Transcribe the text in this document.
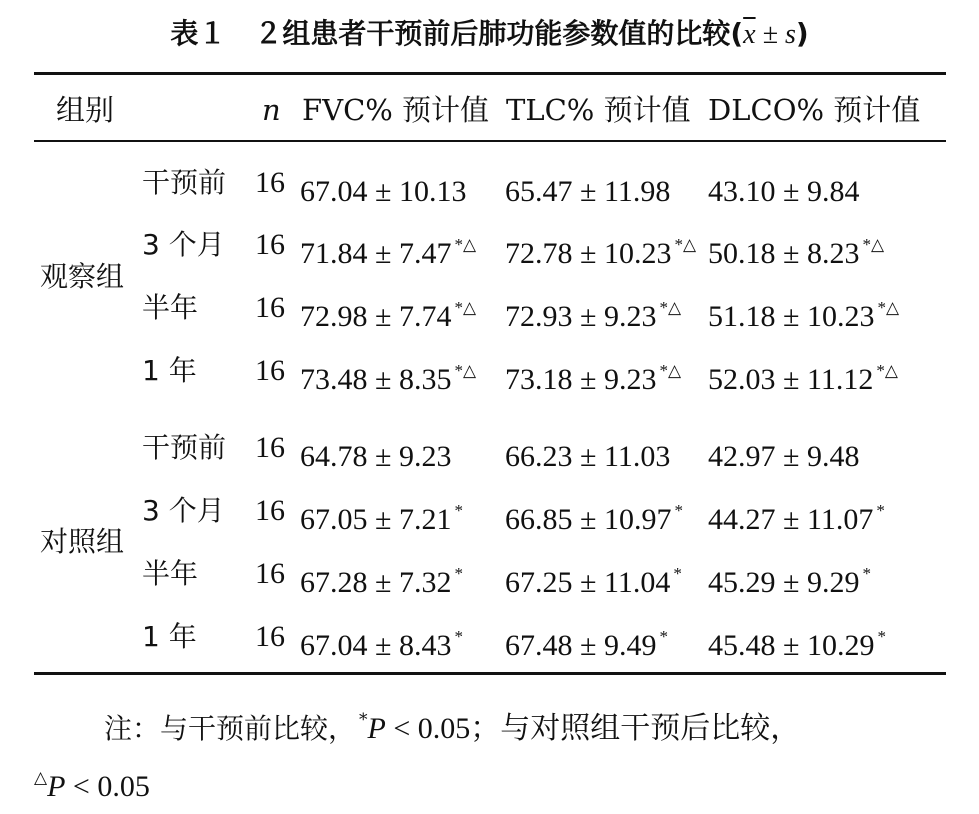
表１　２组患者干预前后肺功能参数值的比较$(\overline{x} \pm s)$
组别	n FVC% 预计值 TLC% 预计值 DLCO% 预计值
观察组
干预前 16 67.04 ± 10.13 65.47 ± 11.98 43.10 ± 9.84
3 个月 16 71.84 ± 7.47 *△ 72.78 ± 10.23 *△ 50.18 ± 8.23 *△
半年 16 72.98 ± 7.74 *△ 72.93 ± 9.23 *△ 51.18 ± 10.23 *△
1 年 16 73.48 ± 8.35 *△ 73.18 ± 9.23 *△ 52.03 ± 11.12 *△
对照组
干预前 16 64.78 ± 9.23 66.23 ± 11.03 42.97 ± 9.48
3 个月 16 67.05 ± 7.21 * 66.85 ± 10.97 * 44.27 ± 11.07 *
半年 16 67.28 ± 7.32 * 67.25 ± 11.04 * 45.29 ± 9.29 *
1 年 16 67.04 ± 8.43 * 67.48 ± 9.49 * 45.48 ± 10.29 *
注：与干预前比较， *P < 0.05；与对照组干预后比较，
△P < 0.05
